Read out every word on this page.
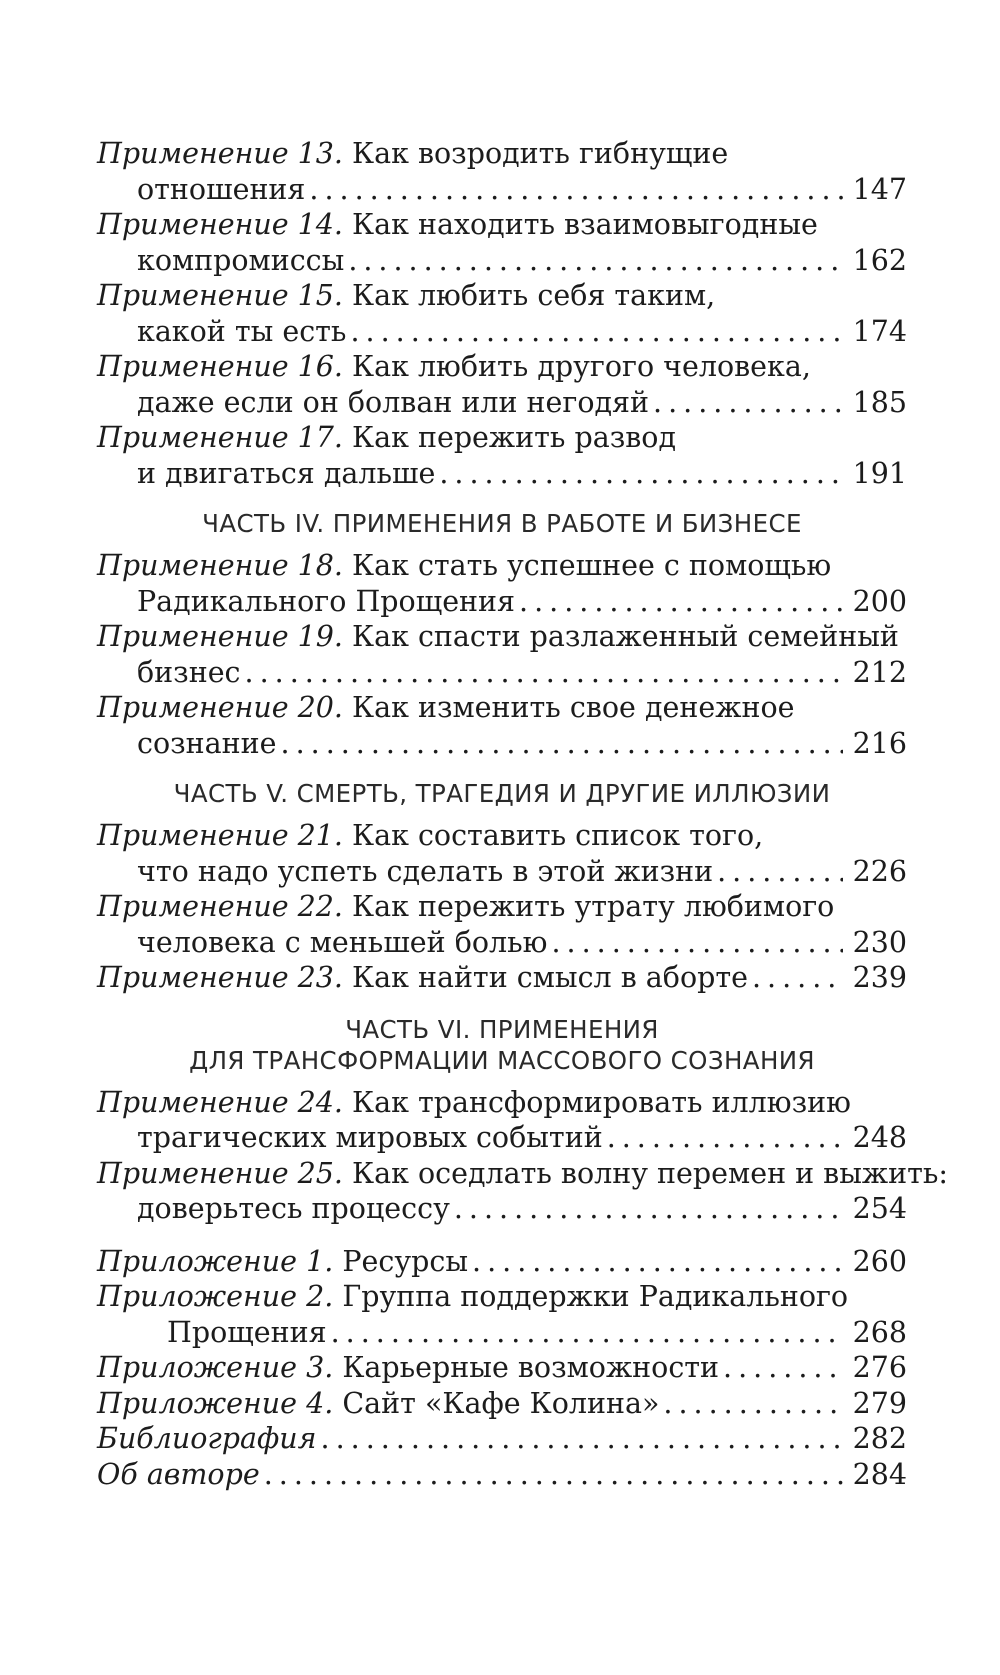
Применение 13. Как возродить гибнущие
отношения .....	147
Применение 14. Как находить взаимовыгодные
компромиссы .....	162
Применение 15. Как любить себя таким,
какой ты есть .....	174
Применение 16. Как любить другого человека,
даже если он болван или негодяй .....	185
Применение 17. Как пережить развод
и двигаться дальше .....	191
ЧАСТЬ IV. ПРИМЕНЕНИЯ В РАБОТЕ И БИЗНЕСЕ
Применение 18. Как стать успешнее с помощью
Радикального Прощения .....	200
Применение 19. Как спасти разлаженный семейный
бизнес .....	212
Применение 20. Как изменить свое денежное
сознание .....	216
ЧАСТЬ V. СМЕРТЬ, ТРАГЕДИЯ И ДРУГИЕ ИЛЛЮЗИИ
Применение 21. Как составить список того,
что надо успеть сделать в этой жизни .....	226
Применение 22. Как пережить утрату любимого
человека с меньшей болью .....	230
Применение 23. Как найти смысл в аборте .....	239
ЧАСТЬ VI. ПРИМЕНЕНИЯ
ДЛЯ ТРАНСФОРМАЦИИ МАССОВОГО СОЗНАНИЯ
Применение 24. Как трансформировать иллюзию
трагических мировых событий .....	248
Применение 25. Как оседлать волну перемен и выжить:
доверьтесь процессу .....	254
Приложение 1. Ресурсы .....	260
Приложение 2. Группа поддержки Радикального
Прощения .....	268
Приложение 3. Карьерные возможности .....	276
Приложение 4. Сайт «Кафе Колина» .....	279
Библиография .....	282
Об авторе .....	284
